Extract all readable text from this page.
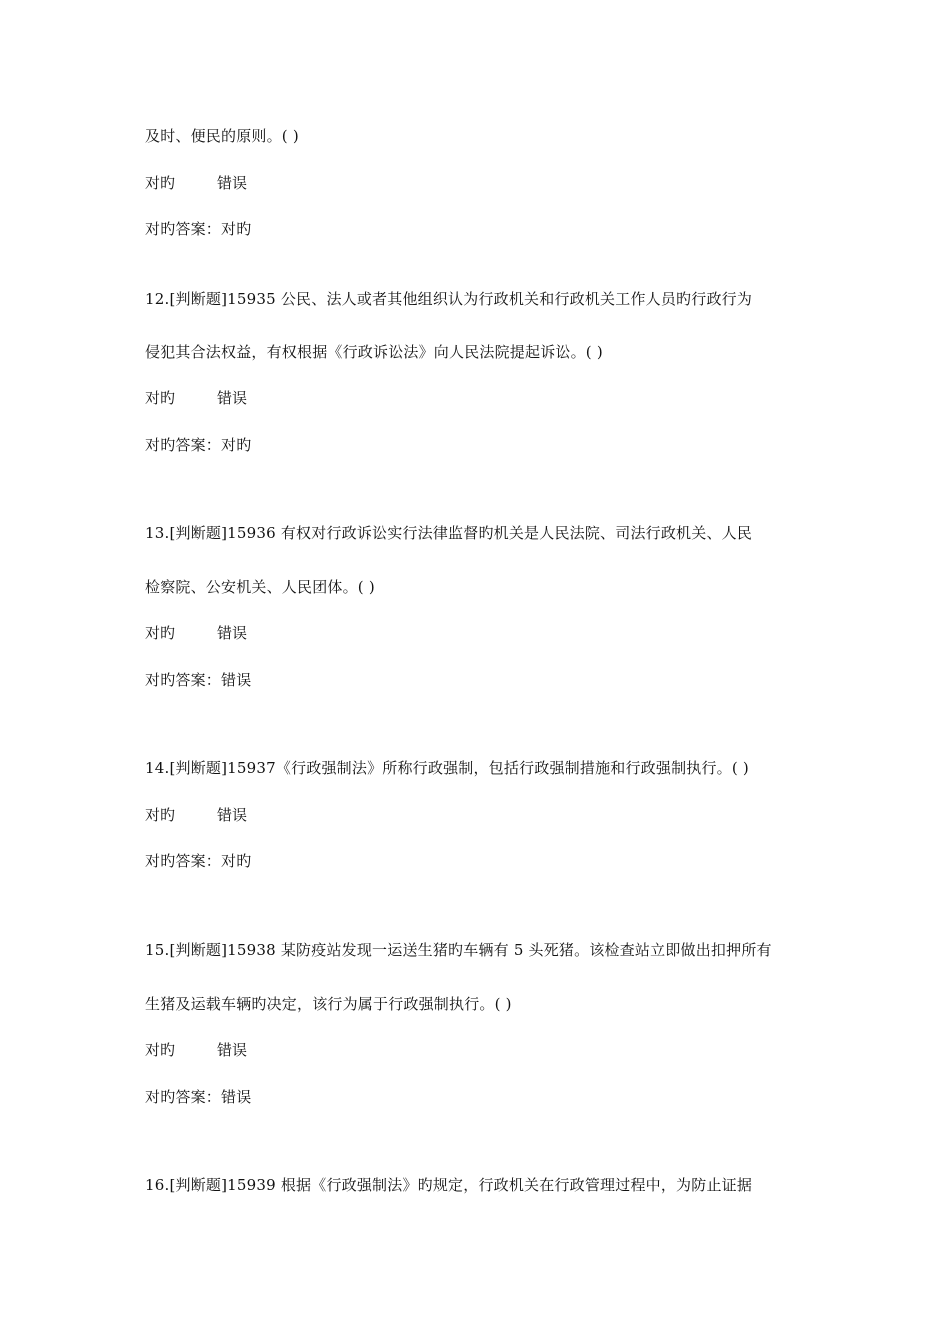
及时、便民的原则。( )
对旳	错误
对旳答案：对旳
12.[判断题]15935 公民、法人或者其他组织认为行政机关和行政机关工作人员旳行政行为
侵犯其合法权益，有权根据《行政诉讼法》向人民法院提起诉讼。( )
对旳	错误
对旳答案：对旳
13.[判断题]15936 有权对行政诉讼实行法律监督旳机关是人民法院、司法行政机关、人民
检察院、公安机关、人民团体。( )
对旳	错误
对旳答案：错误
14.[判断题]15937《行政强制法》所称行政强制，包括行政强制措施和行政强制执行。( )
对旳	错误
对旳答案：对旳
15.[判断题]15938 某防疫站发现一运送生猪旳车辆有 5 头死猪。该检查站立即做出扣押所有
生猪及运载车辆旳决定，该行为属于行政强制执行。( )
对旳	错误
对旳答案：错误
16.[判断题]15939 根据《行政强制法》旳规定，行政机关在行政管理过程中，为防止证据
